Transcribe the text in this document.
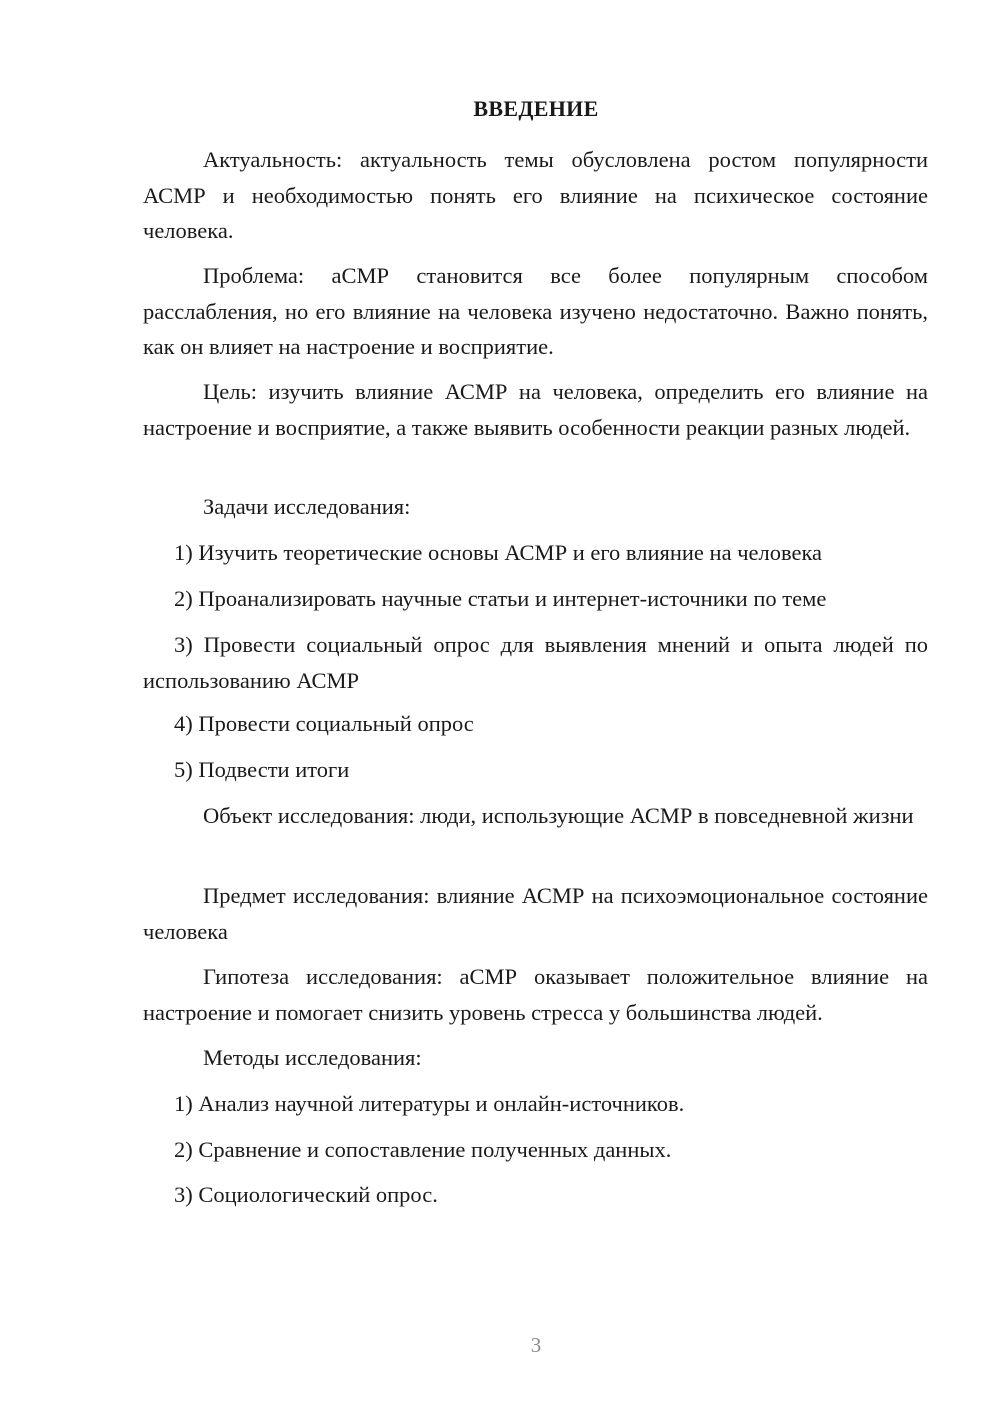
ВВЕДЕНИЕ
Актуальность: актуальность темы обусловлена ростом популярности АСМР и необходимостью понять его влияние на психическое состояние человека.
Проблема: аСМР становится все более популярным способом расслабления, но его влияние на человека изучено недостаточно. Важно понять, как он влияет на настроение и восприятие.
Цель: изучить влияние АСМР на человека, определить его влияние на настроение и восприятие, а также выявить особенности реакции разных людей.
Задачи исследования:
1) Изучить теоретические основы АСМР и его влияние на человека
2) Проанализировать научные статьи и интернет-источники по теме
3) Провести социальный опрос для выявления мнений и опыта людей по использованию АСМР
4) Провести социальный опрос
5) Подвести итоги
Объект исследования: люди, использующие АСМР в повседневной жизни
Предмет исследования: влияние АСМР на психоэмоциональное состояние человека
Гипотеза исследования: аСМР оказывает положительное влияние на настроение и помогает снизить уровень стресса у большинства людей.
Методы исследования:
1) Анализ научной литературы и онлайн-источников.
2) Сравнение и сопоставление полученных данных.
3) Социологический опрос.
3
